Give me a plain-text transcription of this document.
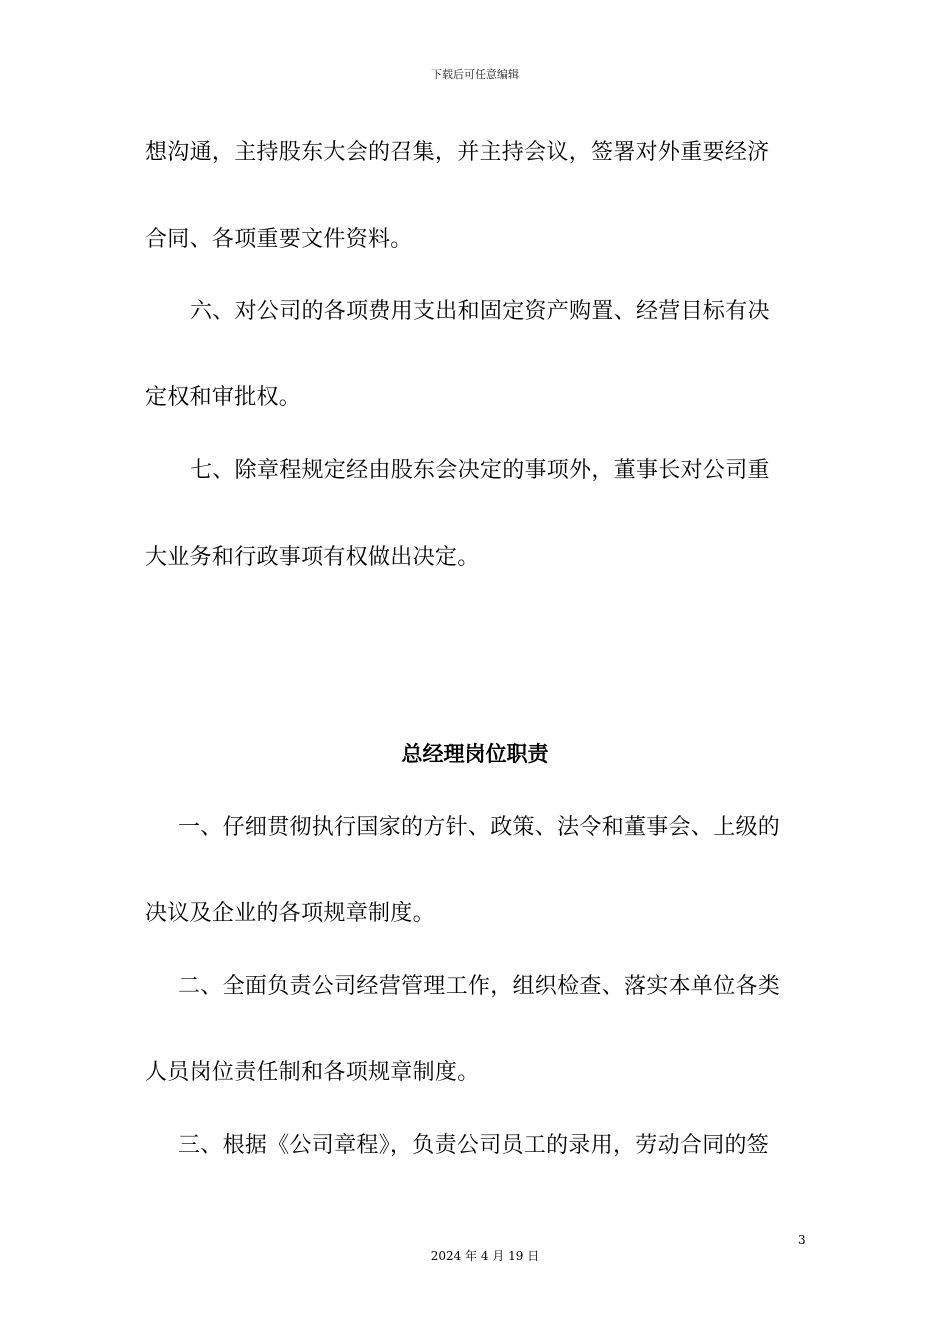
下载后可任意编辑
想沟通，主持股东大会的召集，并主持会议，签署对外重要经济
合同、各项重要文件资料。
六、对公司的各项费用支出和固定资产购置、经营目标有决
定权和审批权。
七、除章程规定经由股东会决定的事项外，董事长对公司重
大业务和行政事项有权做出决定。
总经理岗位职责
一、仔细贯彻执行国家的方针、政策、法令和董事会、上级的
决议及企业的各项规章制度。
二、全面负责公司经营管理工作，组织检查、落实本单位各类
人员岗位责任制和各项规章制度。
三、根据《公司章程》，负责公司员工的录用，劳动合同的签
3
2024 年 4 月 19 日
